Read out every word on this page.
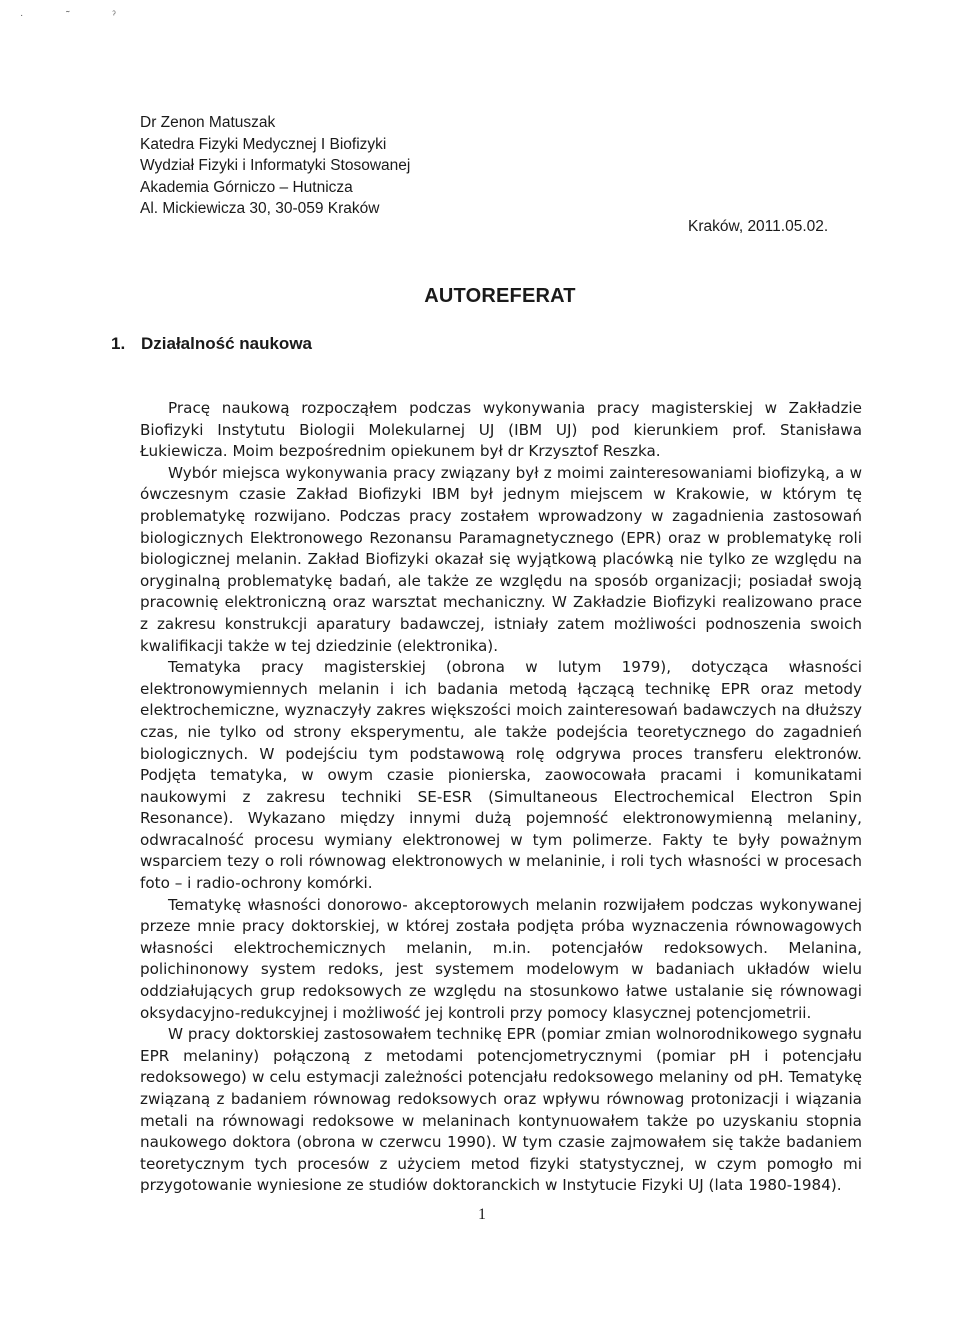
· ˜ ˀ
Dr Zenon Matuszak
Katedra Fizyki Medycznej I Biofizyki
Wydział Fizyki i Informatyki Stosowanej
Akademia Górniczo – Hutnicza
Al. Mickiewicza 30, 30-059 Kraków
Kraków, 2011.05.02.
AUTOREFERAT
1. Działalność naukowa

Pracę naukową rozpocząłem podczas wykonywania pracy magisterskiej w Zakładzie Biofizyki Instytutu Biologii Molekularnej UJ (IBM UJ) pod kierunkiem prof. Stanisława Łukiewicza. Moim bezpośrednim opiekunem był dr Krzysztof Reszka.

Wybór miejsca wykonywania pracy związany był z moimi zainteresowaniami biofizyką, a w ówczesnym czasie Zakład Biofizyki IBM był jednym miejscem w Krakowie, w którym tę problematykę rozwijano. Podczas pracy zostałem wprowadzony w zagadnienia zastosowań biologicznych Elektronowego Rezonansu Paramagnetycznego (EPR) oraz w problematykę roli biologicznej melanin. Zakład Biofizyki okazał się wyjątkową placówką nie tylko ze względu na oryginalną problematykę badań, ale także ze względu na sposób organizacji; posiadał swoją pracownię elektroniczną oraz warsztat mechaniczny. W Zakładzie Biofizyki realizowano prace z zakresu konstrukcji aparatury badawczej, istniały zatem możliwości podnoszenia swoich kwalifikacji także w tej dziedzinie (elektronika).

Tematyka pracy magisterskiej (obrona w lutym 1979), dotycząca własności elektronowymiennych melanin i ich badania metodą łączącą technikę EPR oraz metody elektrochemiczne, wyznaczyły zakres większości moich zainteresowań badawczych na dłuższy czas, nie tylko od strony eksperymentu, ale także podejścia teoretycznego do zagadnień biologicznych. W podejściu tym podstawową rolę odgrywa proces transferu elektronów. Podjęta tematyka, w owym czasie pionierska, zaowocowała pracami i komunikatami naukowymi z zakresu techniki SE-ESR (Simultaneous Electrochemical Electron Spin Resonance). Wykazano między innymi dużą pojemność elektronowymienną melaniny, odwracalność procesu wymiany elektronowej w tym polimerze. Fakty te były poważnym wsparciem tezy o roli równowag elektronowych w melaninie, i roli tych własności w procesach foto – i radio-ochrony komórki.

Tematykę własności donorowo- akceptorowych melanin rozwijałem podczas wykonywanej przeze mnie pracy doktorskiej, w której została podjęta próba wyznaczenia równowagowych własności elektrochemicznych melanin, m.in. potencjałów redoksowych. Melanina, polichinonowy system redoks, jest systemem modelowym w badaniach układów wielu oddziałujących grup redoksowych ze względu na stosunkowo łatwe ustalanie się równowagi oksydacyjno-redukcyjnej i możliwość jej kontroli przy pomocy klasycznej potencjometrii.

W pracy doktorskiej zastosowałem technikę EPR (pomiar zmian wolnorodnikowego sygnału EPR melaniny) połączoną z metodami potencjometrycznymi (pomiar pH i potencjału redoksowego) w celu estymacji zależności potencjału redoksowego melaniny od pH. Tematykę związaną z badaniem równowag redoksowych oraz wpływu równowag protonizacji i wiązania metali na równowagi redoksowe w melaninach kontynuowałem także po uzyskaniu stopnia naukowego doktora (obrona w czerwcu 1990). W tym czasie zajmowałem się także badaniem teoretycznym tych procesów z użyciem metod fizyki statystycznej, w czym pomogło mi przygotowanie wyniesione ze studiów doktoranckich w Instytucie Fizyki UJ (lata 1980-1984).

1
